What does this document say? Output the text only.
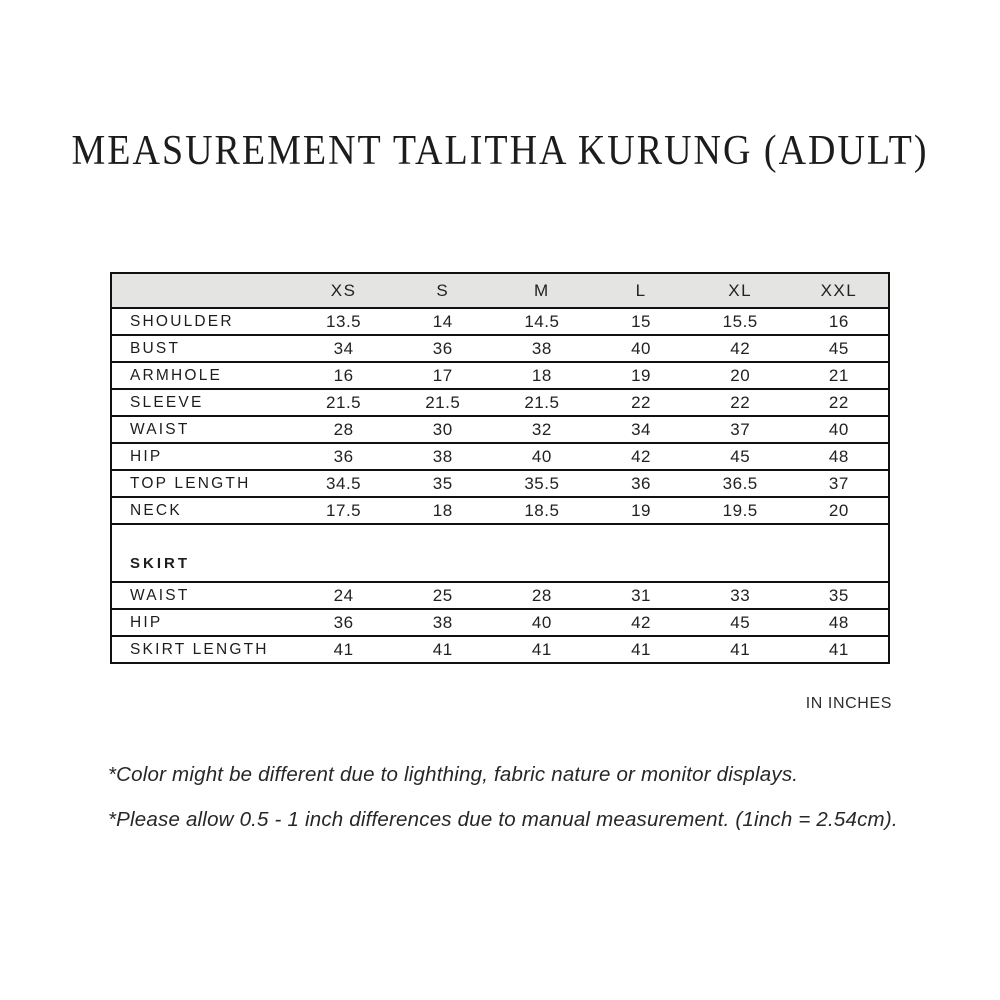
MEASUREMENT TALITHA KURUNG (ADULT)
	XS	S	M	L	XL	XXL
SHOULDER	13.5	14	14.5	15	15.5	16
BUST	34	36	38	40	42	45
ARMHOLE	16	17	18	19	20	21
SLEEVE	21.5	21.5	21.5	22	22	22
WAIST	28	30	32	34	37	40
HIP	36	38	40	42	45	48
TOP LENGTH	34.5	35	35.5	36	36.5	37
NECK	17.5	18	18.5	19	19.5	20
SKIRT						
WAIST	24	25	28	31	33	35
HIP	36	38	40	42	45	48
SKIRT LENGTH	41	41	41	41	41	41
IN INCHES

*Color might be different due to lighthing, fabric nature or monitor displays.

*Please allow 0.5 - 1 inch differences due to manual measurement. (1inch = 2.54cm).
